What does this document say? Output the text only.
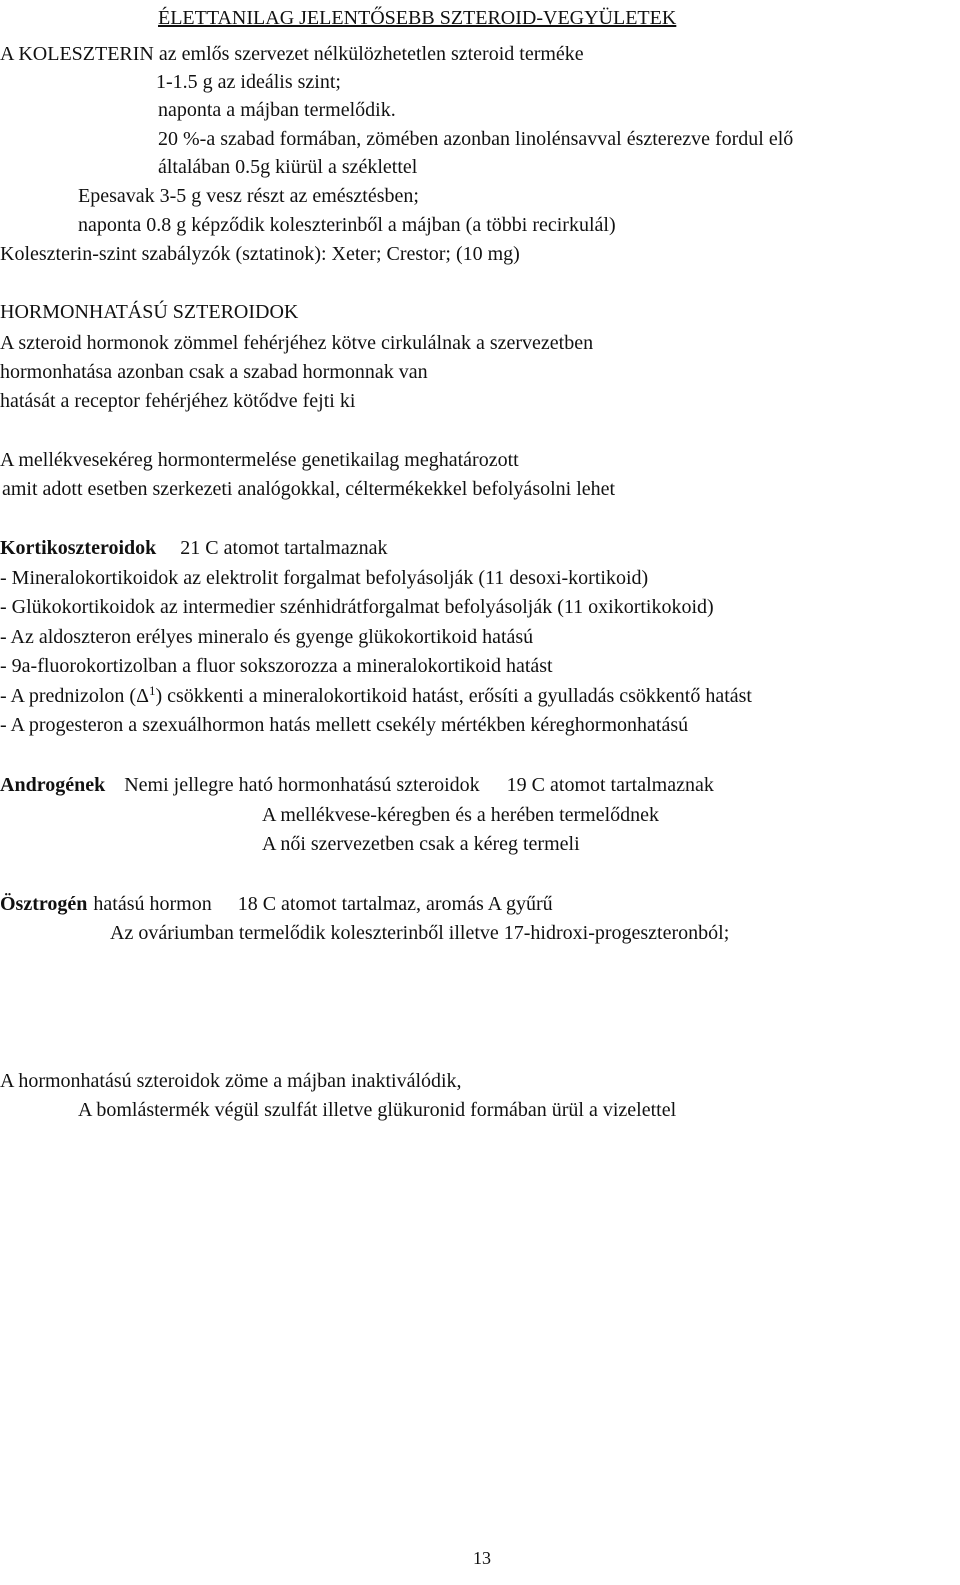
ÉLETTANILAG JELENTŐSEBB SZTEROID-VEGYÜLETEK
A KOLESZTERIN az emlős szervezet nélkülözhetetlen szteroid terméke
1-1.5 g az ideális szint;
naponta a májban termelődik.
20 %-a szabad formában, zömében azonban linolénsavval észterezve fordul elő
általában 0.5g kiürül a széklettel
Epesavak 3-5 g vesz részt az emésztésben;
naponta 0.8 g képződik koleszterinből a májban (a többi recirkulál)
Koleszterin-szint szabályzók (sztatinok): Xeter; Crestor; (10 mg)
HORMONHATÁSÚ SZTEROIDOK
A szteroid hormonok zömmel fehérjéhez kötve cirkulálnak a szervezetben
hormonhatása azonban csak a szabad hormonnak van
hatását a receptor fehérjéhez kötődve fejti ki
A mellékvesekéreg hormontermelése genetikailag meghatározott
amit adott esetben szerkezeti analógokkal, céltermékekkel befolyásolni lehet
Kortikoszteroidok 21 C atomot tartalmaznak
- Mineralokortikoidok az elektrolit forgalmat befolyásolják (11 desoxi-kortikoid)
- Glükokortikoidok az intermedier szénhidrátforgalmat befolyásolják (11 oxikortikokoid)
- Az aldoszteron erélyes mineralo és gyenge glükokortikoid hatású
- 9a-fluorokortizolban a fluor sokszorozza a mineralokortikoid hatást
- A prednizolon $(\Delta^1)$ csökkenti a mineralokortikoid hatást, erősíti a gyulladás csökkentő hatást
- A progesteron a szexuálhormon hatás mellett csekély mértékben kéreghormonhatású
Androgének Nemi jellegre ható hormonhatású szteroidok 19 C atomot tartalmaznak
A mellékvese-kéregben és a herében termelődnek
A női szervezetben csak a kéreg termeli
Ösztrogén hatású hormon 18 C atomot tartalmaz, aromás A gyűrű
Az ováriumban termelődik koleszterinből illetve 17-hidroxi-progeszteronból;
A hormonhatású szteroidok zöme a májban inaktiválódik,
A bomlástermék végül szulfát illetve glükuronid formában ürül a vizelettel
13
